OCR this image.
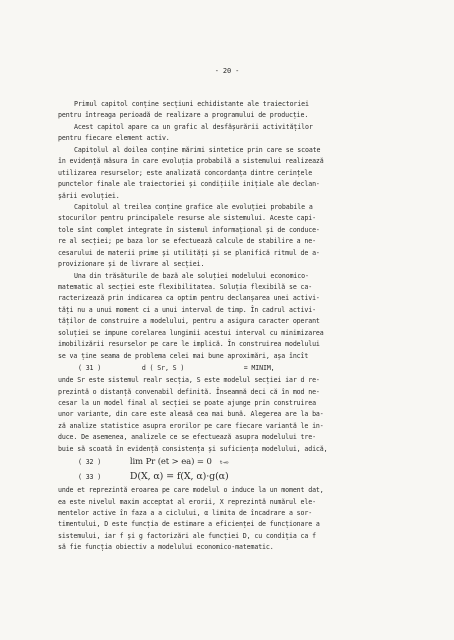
- 20 -
Primul capitol conține secțiuni echidistante ale traiectoriei
pentru întreaga perioadă de realizare a programului de producție.
Acest capitol apare ca un grafic al desfășurării activităților
pentru fiecare element activ.
Capitolul al doilea conține mărimi sintetice prin care se scoate
în evidență măsura în care evoluția probabilă a sistemului realizează
utilizarea resurselor; este analizată concordanța dintre cerințele
punctelor finale ale traiectoriei și condițiile inițiale ale declan-
șării evoluției.
Capitolul al treilea conține grafice ale evoluției probabile a
stocurilor pentru principalele resurse ale sistemului. Aceste capi-
tole sînt complet integrate în sistemul informațional și de conduce-
re al secției; pe baza lor se efectuează calcule de stabilire a ne-
cesarului de materii prime și utilități și se planifică ritmul de a-
provizionare și de livrare al secției.
Una din trăsăturile de bază ale soluției modelului economico-
matematic al secției este flexibilitatea. Soluția flexibilă se ca-
racterizează prin indicarea ca optim pentru declanșarea unei activi-
tăți nu a unui moment ci a unui interval de timp. În cadrul activi-
tăților de construire a modelului, pentru a asigura caracter operant
soluției se impune corelarea lungimii acestui interval cu minimizarea
imobilizării resurselor pe care le implică. În construirea modelului
se va ține seama de problema celei mai bune aproximări, așa încît
( 31 )	d ( Sr, S )	= MINIM,
unde Sr este sistemul realr secția, S este modelul secției iar d re-
prezintă o distanță convenabil definită. Înseamnă deci că în mod ne-
cesar la un model final al secției se poate ajunge prin construirea
unor variante, din care este aleasă cea mai bună. Alegerea are la ba-
ză analize statistice asupra erorilor pe care fiecare variantă le in-
duce. De asemenea, analizele ce se efectuează asupra modelului tre-
buie să scoată în evidență consistența și suficiența modelului, adică,
( 32 )	lim Pr (et > ea) = 0 t→∞
( 33 )	D(X, α) = f(X, α)·g(α)
unde et reprezintă eroarea pe care modelul o induce la un moment dat,
ea este nivelul maxim acceptat al erorii, X reprezintă numărul ele-
mentelor active în faza a a ciclului, α limita de încadrare a sor-
timentului, D este funcția de estimare a eficienței de funcționare a
sistemului, iar f și g factorizări ale funcției D, cu condiția ca f
să fie funcția obiectiv a modelului economico-matematic.
